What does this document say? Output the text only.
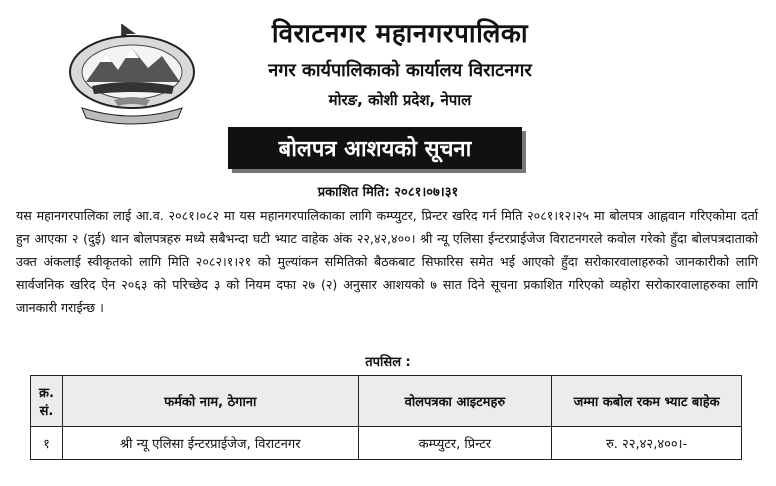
विराटनगर महानगरपालिका
नगर कार्यपालिकाको कार्यालय विराटनगर
मोरङ, कोशी प्रदेश, नेपाल
बोलपत्र आशयको सूचना
प्रकाशित मिति: २०८१।०७।३१
यस महानगरपालिका लाई आ.व. २०८१।०८२ मा यस महानगरपालिकाका लागि कम्प्युटर, प्रिन्टर खरिद गर्न मिति २०८१।१२।२५ मा बोलपत्र आह्नवान गरिएकोमा दर्ता हुन आएका २ (दुई) थान बोलपत्रहरु मध्ये सबैभन्दा घटी भ्याट वाहेक अंक २२,४२,४००। श्री न्यू एलिसा ईन्टरप्राईजेज विराटनगरले कवोल गरेको हुँदा बोलपत्रदाताको उक्त अंकलाई स्वीकृतको लागि मिति २०८२।१।२१ को मुल्यांकन समितिको बैठकबाट सिफारिस समेत भई आएको हुँदा सरोकारवालाहरुको जानकारीको लागि सार्वजनिक खरिद ऐन २०६३ को परिच्छेद ३ को नियम दफा २७ (२) अनुसार आशयको ७ सात दिने सूचना प्रकाशित गरिएको व्यहोरा सरोकारवालाहरुका लागि जानकारी गराईन्छ ।
तपसिल :
क्र. सं.	फर्मको नाम, ठेगाना	वोलपत्रका आइटमहरु	जम्मा कबोल रकम भ्याट बाहेक
१	श्री न्यू एलिसा ईन्टरप्राईजेज, विराटनगर	कम्प्युटर, प्रिन्टर	रु. २२,४२,४००।-
